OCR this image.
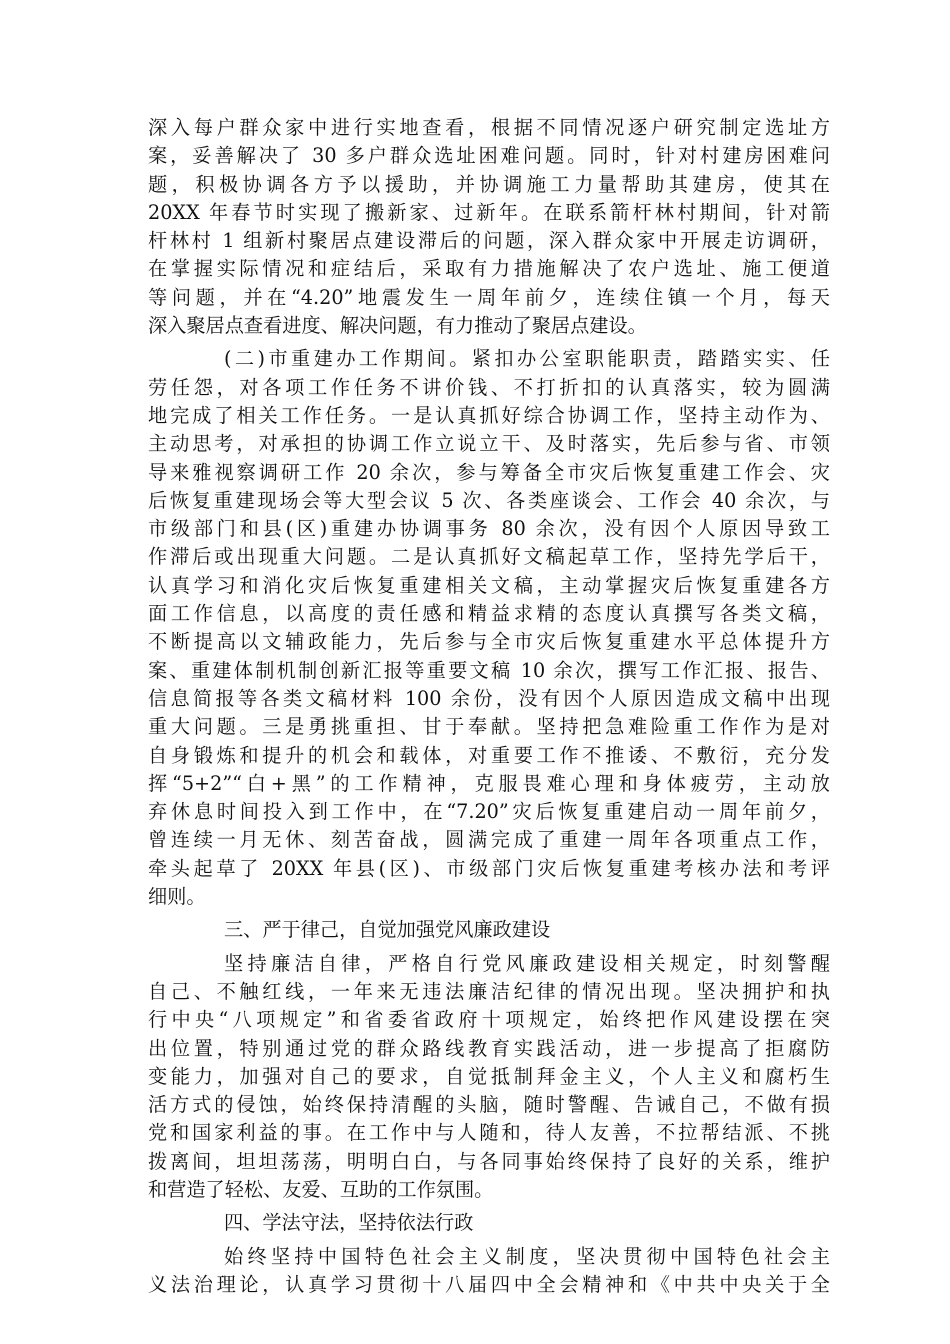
深入每户群众家中进行实地查看，根据不同情况逐户研究制定选址方
案，妥善解决了 30 多户群众选址困难问题。同时，针对村建房困难问
题，积极协调各方予以援助，并协调施工力量帮助其建房，使其在
20XX 年春节时实现了搬新家、过新年。在联系箭杆林村期间，针对箭
杆林村 1 组新村聚居点建设滞后的问题，深入群众家中开展走访调研，
在掌握实际情况和症结后，采取有力措施解决了农户选址、施工便道
等问题，并在“4.20”地震发生一周年前夕，连续住镇一个月，每天
深入聚居点查看进度、解决问题，有力推动了聚居点建设。
(二)市重建办工作期间。紧扣办公室职能职责，踏踏实实、任
劳任怨，对各项工作任务不讲价钱、不打折扣的认真落实，较为圆满
地完成了相关工作任务。一是认真抓好综合协调工作，坚持主动作为、
主动思考，对承担的协调工作立说立干、及时落实，先后参与省、市领
导来雅视察调研工作 20 余次，参与筹备全市灾后恢复重建工作会、灾
后恢复重建现场会等大型会议 5 次、各类座谈会、工作会 40 余次，与
市级部门和县(区)重建办协调事务 80 余次，没有因个人原因导致工
作滞后或出现重大问题。二是认真抓好文稿起草工作，坚持先学后干，
认真学习和消化灾后恢复重建相关文稿，主动掌握灾后恢复重建各方
面工作信息，以高度的责任感和精益求精的态度认真撰写各类文稿，
不断提高以文辅政能力，先后参与全市灾后恢复重建水平总体提升方
案、重建体制机制创新汇报等重要文稿 10 余次，撰写工作汇报、报告、
信息简报等各类文稿材料 100 余份，没有因个人原因造成文稿中出现
重大问题。三是勇挑重担、甘于奉献。坚持把急难险重工作作为是对
自身锻炼和提升的机会和载体，对重要工作不推诿、不敷衍，充分发
挥“5+2”“白+黑”的工作精神，克服畏难心理和身体疲劳，主动放
弃休息时间投入到工作中，在“7.20”灾后恢复重建启动一周年前夕，
曾连续一月无休、刻苦奋战，圆满完成了重建一周年各项重点工作，
牵头起草了 20XX 年县(区)、市级部门灾后恢复重建考核办法和考评
细则。
三、严于律己，自觉加强党风廉政建设
坚持廉洁自律，严格自行党风廉政建设相关规定，时刻警醒
自己、不触红线，一年来无违法廉洁纪律的情况出现。坚决拥护和执
行中央“八项规定”和省委省政府十项规定，始终把作风建设摆在突
出位置，特别通过党的群众路线教育实践活动，进一步提高了拒腐防
变能力，加强对自己的要求，自觉抵制拜金主义，个人主义和腐朽生
活方式的侵蚀，始终保持清醒的头脑，随时警醒、告诫自己，不做有损
党和国家利益的事。在工作中与人随和，待人友善，不拉帮结派、不挑
拨离间，坦坦荡荡，明明白白，与各同事始终保持了良好的关系，维护
和营造了轻松、友爱、互助的工作氛围。
四、学法守法，坚持依法行政
始终坚持中国特色社会主义制度，坚决贯彻中国特色社会主
义法治理论，认真学习贯彻十八届四中全会精神和《中共中央关于全
